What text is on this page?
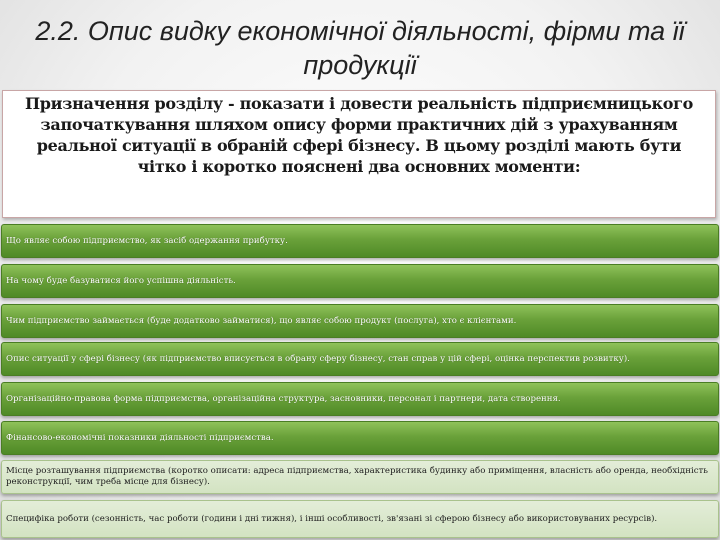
2.2. Опис видку економічної діяльності, фірми та її продукції
Призначення розділу - показати і довести реальність підприємницького започаткування шляхом опису форми практичних дій з урахуванням реальної ситуації в обраній сфері бізнесу. В цьому розділі мають бути чітко і коротко пояснені два основних моменти:
Що являє собою підприємство, як засіб одержання прибутку.
На чому буде базуватися його успішна діяльність.
Чим підприємство займається (буде додатково займатися), що являє собою продукт (послуга), хто є клієнтами.
Опис ситуації у сфері бізнесу (як підприємство вписується в обрану сферу бізнесу, стан справ у цій сфері, оцінка перспектив розвитку).
Організаційно-правова форма підприємства, організаційна структура, засновники, персонал і партнери, дата створення.
Фінансово-економічні показники діяльності підприємства.
Місце розташування підприємства (коротко описати: адреса підприємства, характеристика будинку або приміщення, власність або оренда, необхідність реконструкції, чим треба місце для бізнесу).
Специфіка роботи (сезонність, час роботи (години і дні тижня), і інші особливості, зв'язані зі сферою бізнесу або використовуваних ресурсів).
